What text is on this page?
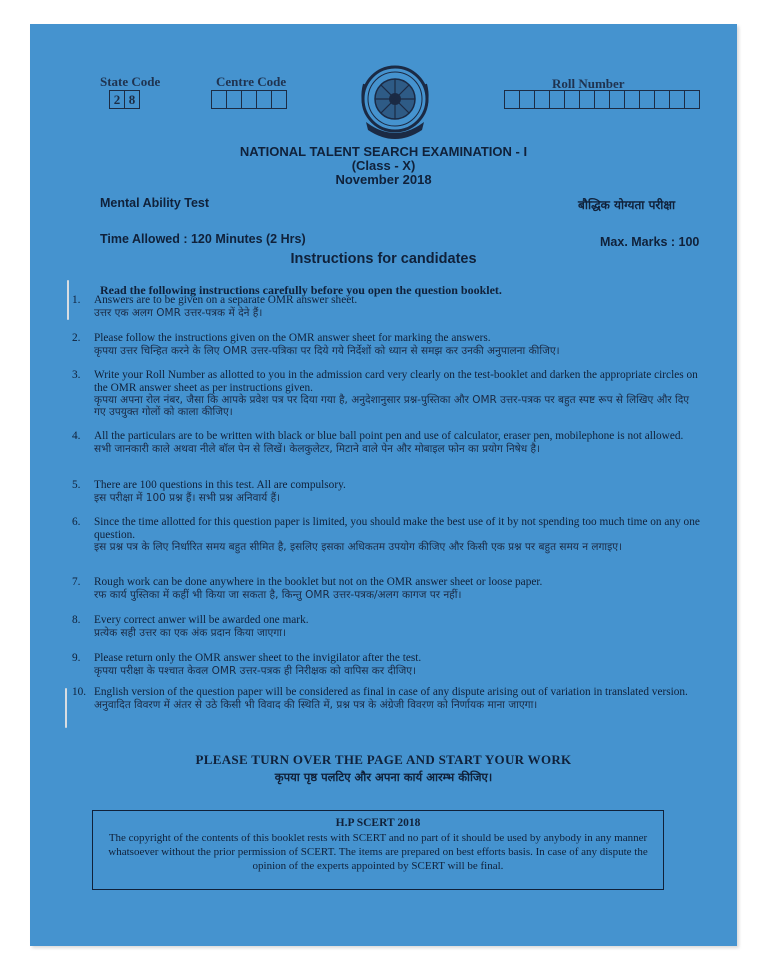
State Code
2 8
Centre Code	Roll Number
NATIONAL TALENT SEARCH EXAMINATION - I
(Class - X)
November 2018
Mental Ability Test	बौद्धिक योग्यता परीक्षा
Time Allowed : 120 Minutes (2 Hrs)	Max. Marks : 100
Instructions for candidates
Read the following instructions carefully before you open the question booklet.
1. Answers are to be given on a separate OMR answer sheet.
उत्तर एक अलग OMR उत्तर-पत्रक में देने हैं।
2. Please follow the instructions given on the OMR answer sheet for marking the answers.
कृपया उत्तर चिन्हित करने के लिए OMR उत्तर-पत्रिका पर दिये गये निर्देशों को ध्यान से समझ कर उनकी अनुपालना कीजिए।
3. Write your Roll Number as allotted to you in the admission card very clearly on the test-booklet and darken the appropriate circles on the OMR answer sheet as per instructions given.
कृपया अपना रोल नंबर, जैसा कि आपके प्रवेश पत्र पर दिया गया है, अनुदेशानुसार प्रश्न-पुस्तिका और OMR उत्तर-पत्रक पर बहुत स्पष्ट रूप से लिखिए और दिए गए उपयुक्त गोलों को काला कीजिए।
4. All the particulars are to be written with black or blue ball point pen and use of calculator, eraser pen, mobilephone is not allowed.
सभी जानकारी काले अथवा नीले बॉल पेन से लिखें। केलकुलेटर, मिटाने वाले पेन और मोबाइल फोन का प्रयोग निषेध है।
5. There are 100 questions in this test. All are compulsory.
इस परीक्षा में 100 प्रश्न हैं। सभी प्रश्न अनिवार्य हैं।
6. Since the time allotted for this question paper is limited, you should make the best use of it by not spending too much time on any one question.
इस प्रश्न पत्र के लिए निर्धारित समय बहुत सीमित है, इसलिए इसका अधिकतम उपयोग कीजिए और किसी एक प्रश्न पर बहुत समय न लगाइए।
7. Rough work can be done anywhere in the booklet but not on the OMR answer sheet or loose paper.
रफ कार्य पुस्तिका में कहीं भी किया जा सकता है, किन्तु OMR उत्तर-पत्रक/अलग कागज पर नहीं।
8. Every correct anwer will be awarded one mark.
प्रत्येक सही उत्तर का एक अंक प्रदान किया जाएगा।
9. Please return only the OMR answer sheet to the invigilator after the test.
कृपया परीक्षा के पश्चात केवल OMR उत्तर-पत्रक ही निरीक्षक को वापिस कर दीजिए।
10. English version of the question paper will be considered as final in case of any dispute arising out of variation in translated version.
अनुवादित विवरण में अंतर से उठे किसी भी विवाद की स्थिति में, प्रश्न पत्र के अंग्रेजी विवरण को निर्णायक माना जाएगा।
PLEASE TURN OVER THE PAGE AND START YOUR WORK
कृपया पृष्ठ पलटिए और अपना कार्य आरम्भ कीजिए।
H.P SCERT 2018
The copyright of the contents of this booklet rests with SCERT and no part of it should be used by anybody in any manner whatsoever without the prior permission of SCERT. The items are prepared on best efforts basis. In case of any dispute the opinion of the experts appointed by SCERT will be final.
